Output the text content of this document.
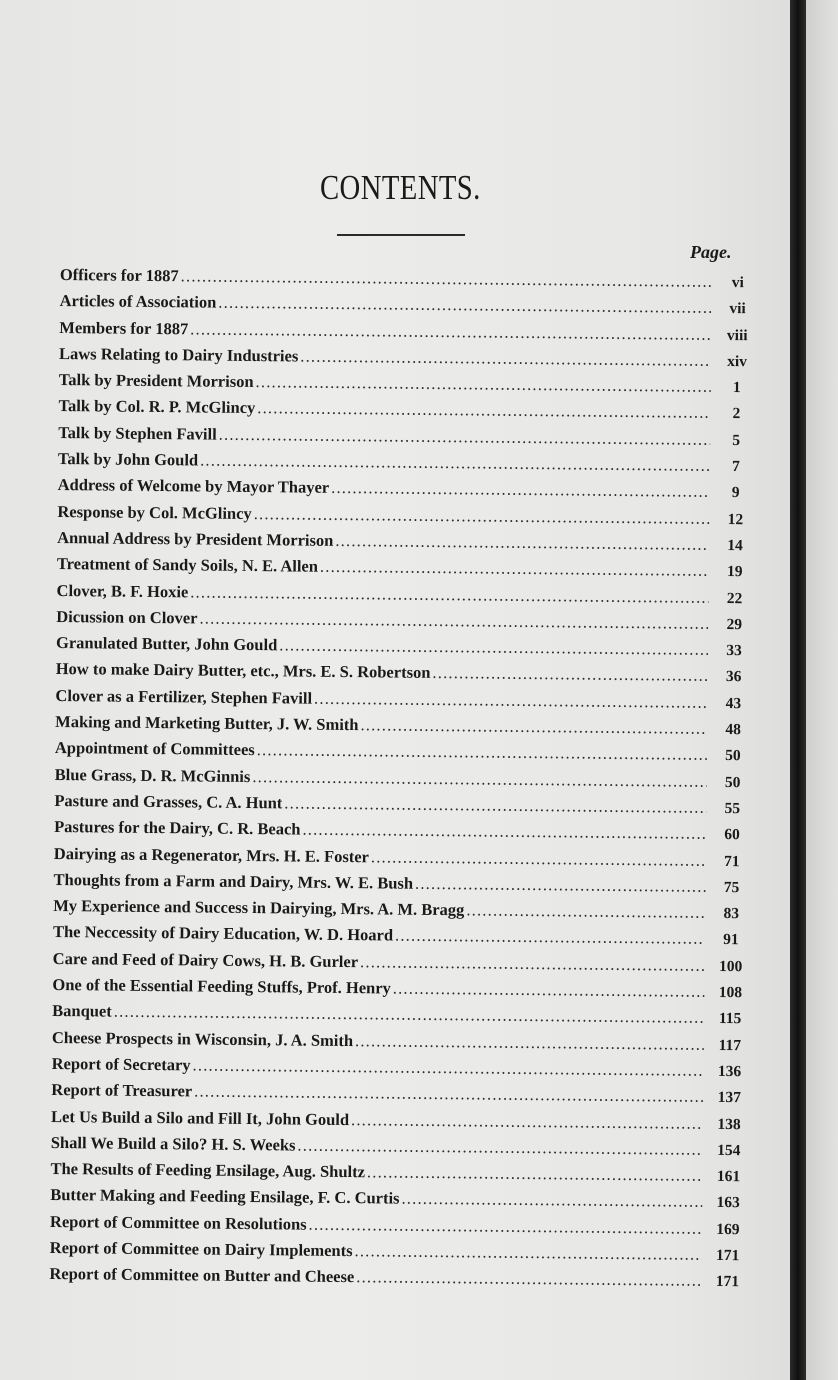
CONTENTS.
Page.
Officers for 1887 .....	vi
Articles of Association .....	vii
Members for 1887 .....	viii
Laws Relating to Dairy Industries .....	xiv
Talk by President Morrison .....	1
Talk by Col. R. P. McGlincy .....	2
Talk by Stephen Favill .....	5
Talk by John Gould .....	7
Address of Welcome by Mayor Thayer .....	9
Response by Col. McGlincy .....	12
Annual Address by President Morrison .....	14
Treatment of Sandy Soils, N. E. Allen .....	19
Clover, B. F. Hoxie .....	22
Dicussion on Clover .....	29
Granulated Butter, John Gould .....	33
How to make Dairy Butter, etc., Mrs. E. S. Robertson .....	36
Clover as a Fertilizer, Stephen Favill .....	43
Making and Marketing Butter, J. W. Smith .....	48
Appointment of Committees .....	50
Blue Grass, D. R. McGinnis .....	50
Pasture and Grasses, C. A. Hunt .....	55
Pastures for the Dairy, C. R. Beach .....	60
Dairying as a Regenerator, Mrs. H. E. Foster .....	71
Thoughts from a Farm and Dairy, Mrs. W. E. Bush .....	75
My Experience and Success in Dairying, Mrs. A. M. Bragg .....	83
The Neccessity of Dairy Education, W. D. Hoard .....	91
Care and Feed of Dairy Cows, H. B. Gurler .....	100
One of the Essential Feeding Stuffs, Prof. Henry .....	108
Banquet .....	115
Cheese Prospects in Wisconsin, J. A. Smith .....	117
Report of Secretary .....	136
Report of Treasurer .....	137
Let Us Build a Silo and Fill It, John Gould .....	138
Shall We Build a Silo? H. S. Weeks .....	154
The Results of Feeding Ensilage, Aug. Shultz .....	161
Butter Making and Feeding Ensilage, F. C. Curtis .....	163
Report of Committee on Resolutions .....	169
Report of Committee on Dairy Implements .....	171
Report of Committee on Butter and Cheese .....	171
